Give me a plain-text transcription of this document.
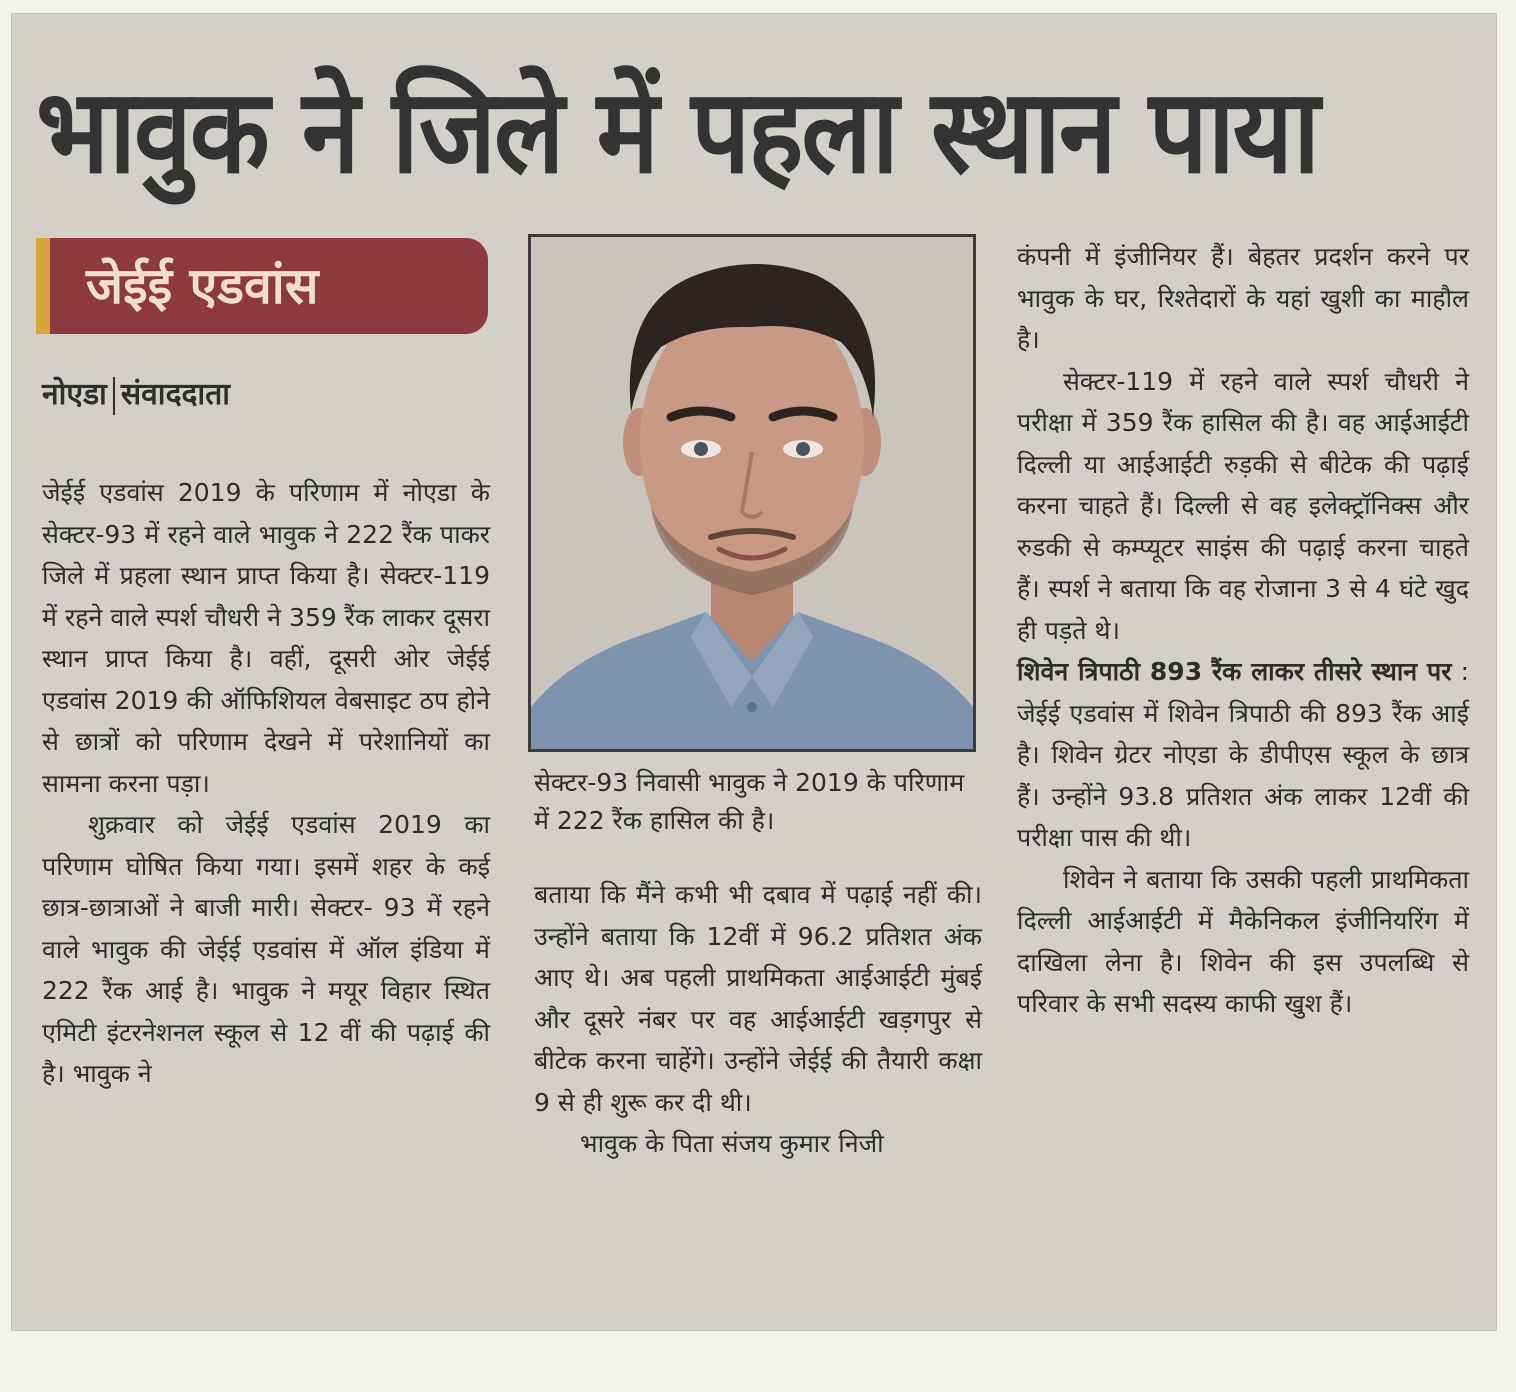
भावुक ने जिले में पहला स्थान पाया
जेईई एडवांस
नोएडा संवाददाता

जेईई एडवांस 2019 के परिणाम में नोएडा के सेक्टर-93 में रहने वाले भावुक ने 222 रैंक पाकर जिले में प्रहला स्थान प्राप्त किया है। सेक्टर-119 में रहने वाले स्पर्श चौधरी ने 359 रैंक लाकर दूसरा स्थान प्राप्त किया है। वहीं, दूसरी ओर जेईई एडवांस 2019 की ऑफिशियल वेबसाइट ठप होने से छात्रों को परिणाम देखने में परेशानियों का सामना करना पड़ा।

शुक्रवार को जेईई एडवांस 2019 का परिणाम घोषित किया गया। इसमें शहर के कई छात्र-छात्राओं ने बाजी मारी। सेक्टर- 93 में रहने वाले भावुक की जेईई एडवांस में ऑल इंडिया में 222 रैंक आई है। भावुक ने मयूर विहार स्थित एमिटी इंटरनेशनल स्कूल से 12 वीं की पढ़ाई की है। भावुक ने

सेक्टर-93 निवासी भावुक ने 2019 के परिणाम में 222 रैंक हासिल की है।

बताया कि मैंने कभी भी दबाव में पढ़ाई नहीं की। उन्होंने बताया कि 12वीं में 96.2 प्रतिशत अंक आए थे। अब पहली प्राथमिकता आईआईटी मुंबई और दूसरे नंबर पर वह आईआईटी खड़गपुर से बीटेक करना चाहेंगे। उन्होंने जेईई की तैयारी कक्षा 9 से ही शुरू कर दी थी।

भावुक के पिता संजय कुमार निजी

कंपनी में इंजीनियर हैं। बेहतर प्रदर्शन करने पर भावुक के घर, रिश्तेदारों के यहां खुशी का माहौल है।

सेक्टर-119 में रहने वाले स्पर्श चौधरी ने परीक्षा में 359 रैंक हासिल की है। वह आईआईटी दिल्ली या आईआईटी रुड़की से बीटेक की पढ़ाई करना चाहते हैं। दिल्ली से वह इलेक्ट्रॉनिक्स और रुडकी से कम्प्यूटर साइंस की पढ़ाई करना चाहते हैं। स्पर्श ने बताया कि वह रोजाना 3 से 4 घंटे खुद ही पड़ते थे।

शिवेन त्रिपाठी 893 रैंक लाकर तीसरे स्थान पर : जेईई एडवांस में शिवेन त्रिपाठी की 893 रैंक आई है। शिवेन ग्रेटर नोएडा के डीपीएस स्कूल के छात्र हैं। उन्होंने 93.8 प्रतिशत अंक लाकर 12वीं की परीक्षा पास की थी।

शिवेन ने बताया कि उसकी पहली प्राथमिकता दिल्ली आईआईटी में मैकेनिकल इंजीनियरिंग में दाखिला लेना है। शिवेन की इस उपलब्धि से परिवार के सभी सदस्य काफी खुश हैं।
